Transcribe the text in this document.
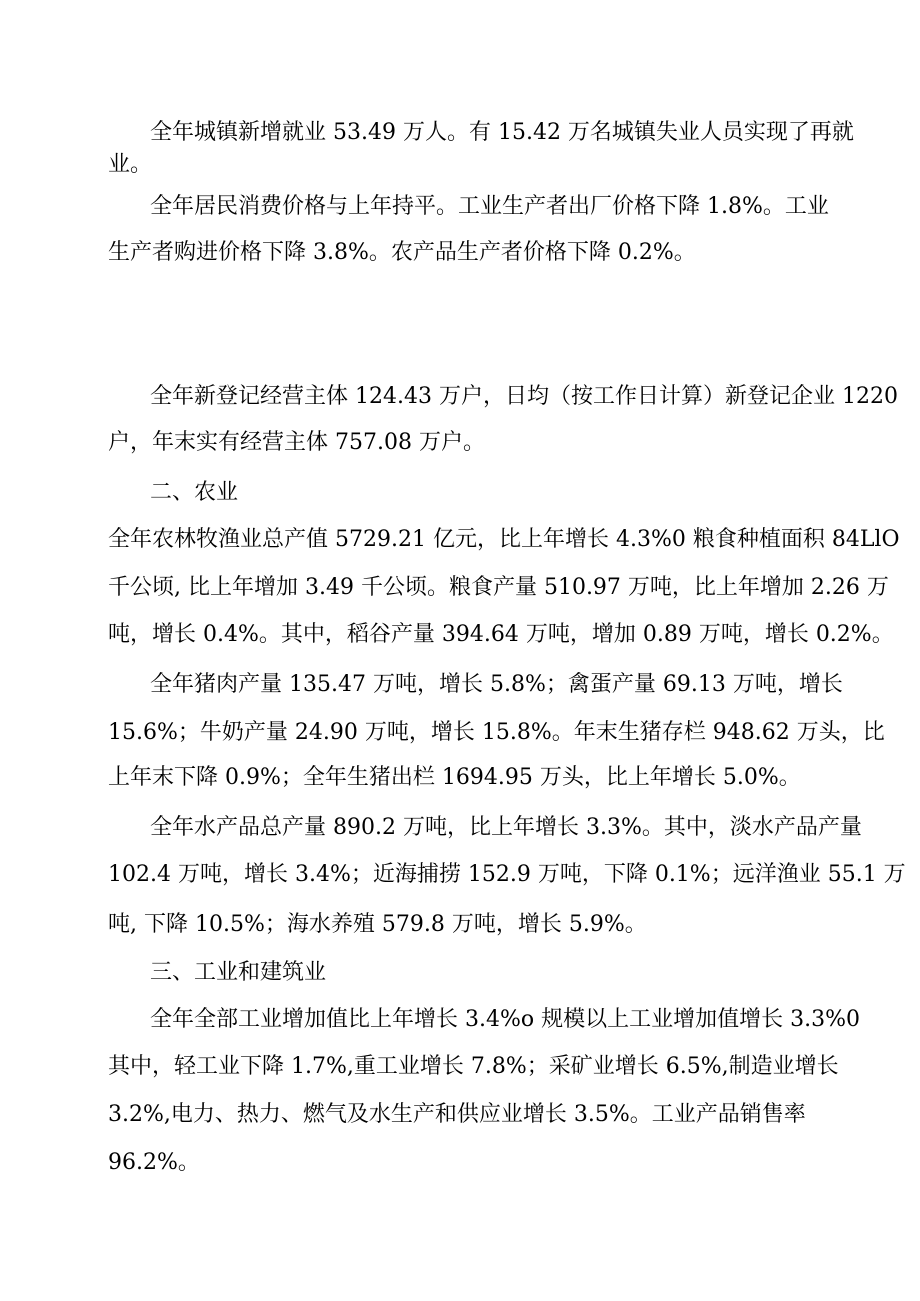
全年城镇新增就业 53.49 万人。有 15.42 万名城镇失业人员实现了再就

业。

全年居民消费价格与上年持平。工业生产者出厂价格下降 1.8%。工业

生产者购进价格下降 3.8%。农产品生产者价格下降 0.2%。

全年新登记经营主体 124.43 万户，日均（按工作日计算）新登记企业 1220

户，年末实有经营主体 757.08 万户。

二、农业

全年农林牧渔业总产值 5729.21 亿元，比上年增长 4.3%0 粮食种植面积 84LlO

千公顷, 比上年增加 3.49 千公顷。粮食产量 510.97 万吨，比上年增加 2.26 万

吨，增长 0.4%。其中，稻谷产量 394.64 万吨，增加 0.89 万吨，增长 0.2%。

全年猪肉产量 135.47 万吨，增长 5.8%；禽蛋产量 69.13 万吨，增长

15.6%；牛奶产量 24.90 万吨，增长 15.8%。年末生猪存栏 948.62 万头，比

上年末下降 0.9%；全年生猪出栏 1694.95 万头，比上年增长 5.0%。

全年水产品总产量 890.2 万吨，比上年增长 3.3%。其中，淡水产品产量

102.4 万吨，增长 3.4%；近海捕捞 152.9 万吨，下降 0.1%；远洋渔业 55.1 万

吨, 下降 10.5%；海水养殖 579.8 万吨，增长 5.9%。

三、工业和建筑业

全年全部工业增加值比上年增长 3.4%o 规模以上工业增加值增长 3.3%0

其中，轻工业下降 1.7%,重工业增长 7.8%；采矿业增长 6.5%,制造业增长

3.2%,电力、热力、燃气及水生产和供应业增长 3.5%。工业产品销售率

96.2%。
